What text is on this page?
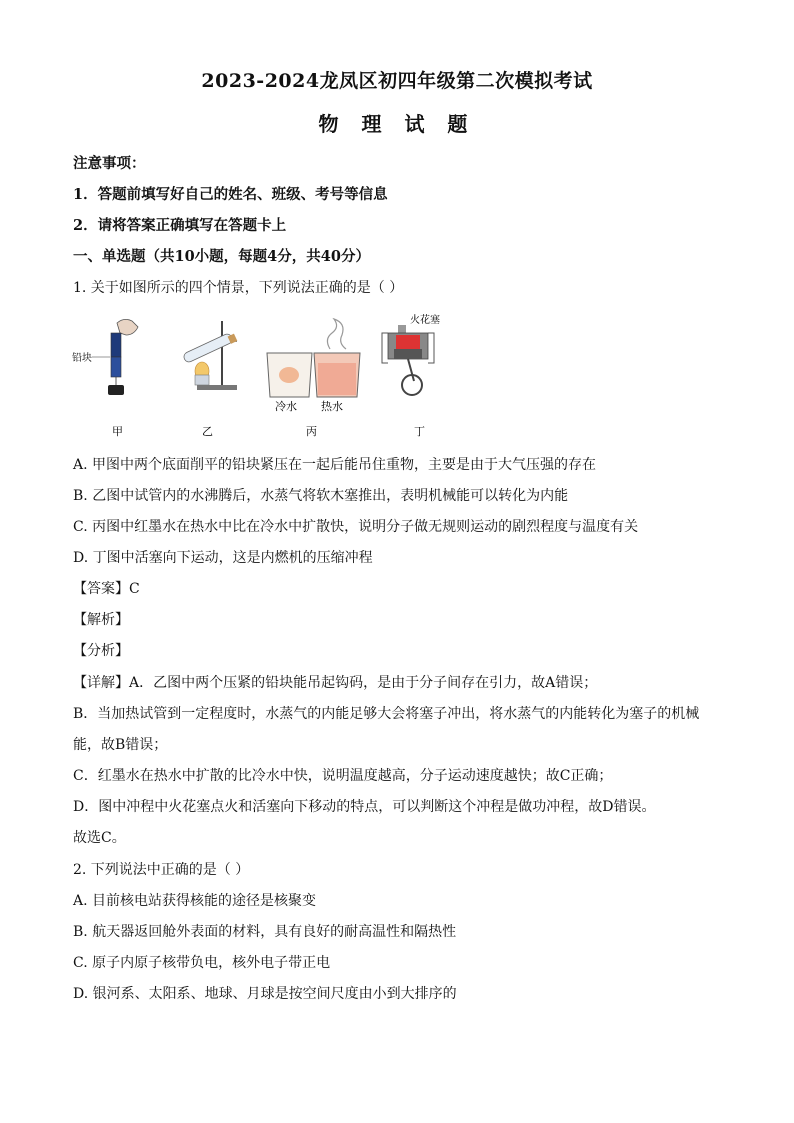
2023-2024龙凤区初四年级第二次模拟考试
物 理 试 题
注意事项：
1．答题前填写好自己的姓名、班级、考号等信息
2．请将答案正确填写在答题卡上
一、单选题（共10小题，每题4分，共40分）
1. 关于如图所示的四个情景，下列说法正确的是（ ）
铅块
冷水 热水
火花塞
甲	乙	丙	丁
A. 甲图中两个底面削平的铅块紧压在一起后能吊住重物，主要是由于大气压强的存在
B. 乙图中试管内的水沸腾后，水蒸气将软木塞推出，表明机械能可以转化为内能
C. 丙图中红墨水在热水中比在冷水中扩散快，说明分子做无规则运动的剧烈程度与温度有关
D. 丁图中活塞向下运动，这是内燃机的压缩冲程
【答案】C
【解析】
【分析】
【详解】A．乙图中两个压紧的铅块能吊起钩码，是由于分子间存在引力，故A错误；
B．当加热试管到一定程度时，水蒸气的内能足够大会将塞子冲出，将水蒸气的内能转化为塞子的机械
能，故B错误；
C．红墨水在热水中扩散的比冷水中快，说明温度越高，分子运动速度越快；故C正确；
D．图中冲程中火花塞点火和活塞向下移动的特点，可以判断这个冲程是做功冲程，故D错误。
故选C。
2. 下列说法中正确的是（ ）
A. 目前核电站获得核能的途径是核聚变
B. 航天器返回舱外表面的材料，具有良好的耐高温性和隔热性
C. 原子内原子核带负电，核外电子带正电
D. 银河系、太阳系、地球、月球是按空间尺度由小到大排序的
